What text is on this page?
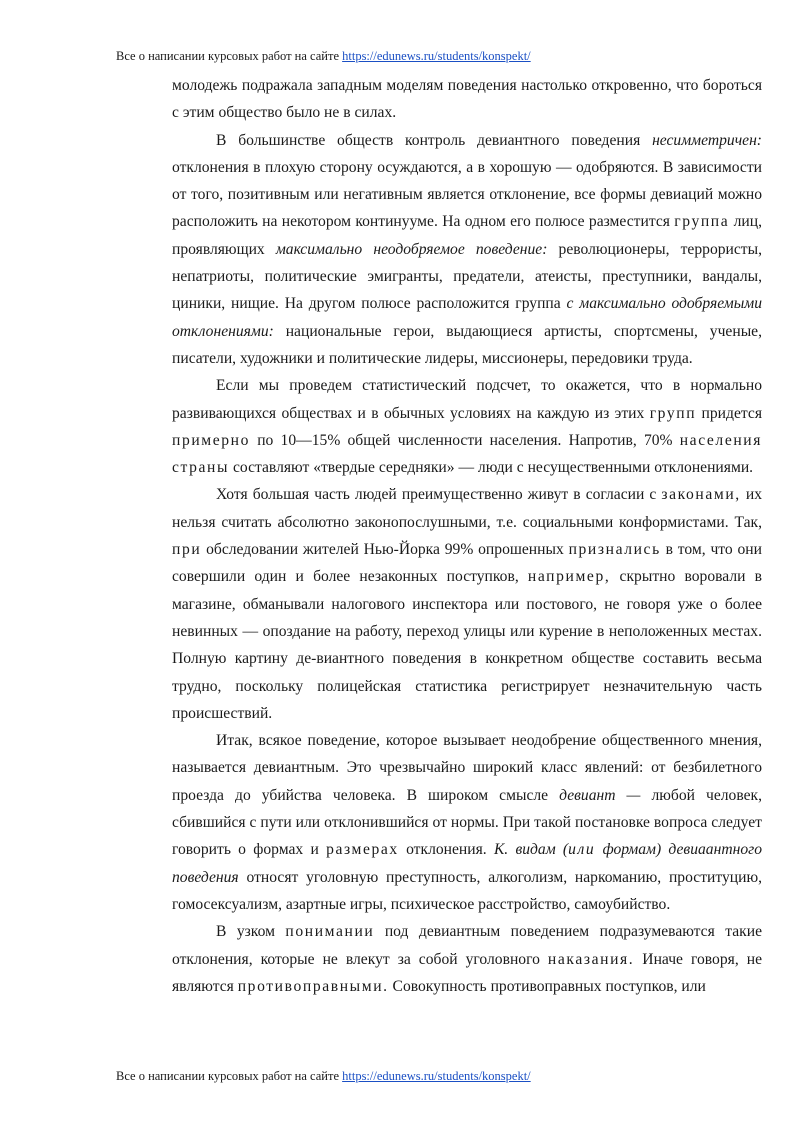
Все о написании курсовых работ на сайте https://edunews.ru/students/konspekt/

молодежь подражала западным моделям поведения настолько откровенно, что бороться с этим общество было не в силах.

В большинстве обществ контроль девиантного поведения несимметричен: отклонения в плохую сторону осуждаются, а в хорошую — одобряются. В зависимости от того, позитивным или негативным является отклонение, все формы девиаций можно расположить на некотором континууме. На одном его полюсе разместится группа лиц, проявляющих максимально неодобряемое поведение: революционеры, террористы, непатриоты, политические эмигранты, предатели, атеисты, преступники, вандалы, циники, нищие. На другом полюсе расположится группа с максимально одобряемыми отклонениями: национальные герои, выдающиеся артисты, спортсмены, ученые, писатели, художники и политические лидеры, миссионеры, передовики труда.

Если мы проведем статистический подсчет, то окажется, что в нормально развивающихся обществах и в обычных условиях на каждую из этих групп придется примерно по 10—15% общей численности населения. Напротив, 70% населения страны составляют «твердые середняки» — люди с несущественными отклонениями.

Хотя большая часть людей преимущественно живут в согласии с законами, их нельзя считать абсолютно законопослушными, т.е. социальными конформистами. Так, при обследовании жителей Нью-Йорка 99% опрошенных признались в том, что они совершили один и более незаконных поступков, например, скрытно воровали в магазине, обманывали налогового инспектора или постового, не говоря уже о более невинных — опоздание на работу, переход улицы или курение в неположенных местах. Полную картину де-виантного поведения в конкретном обществе составить весьма трудно, поскольку полицейская статистика регистрирует незначительную часть происшествий.

Итак, всякое поведение, которое вызывает неодобрение общественного мнения, называется девиантным. Это чрезвычайно широкий класс явлений: от безбилетного проезда до убийства человека. В широком смысле девиант — любой человек, сбившийся с пути или отклонившийся от нормы. При такой постановке вопроса следует говорить о формах и размерах отклонения. К. видам (или формам) девиаантного поведения относят уголовную преступность, алкоголизм, наркоманию, проституцию, гомосексуализм, азартные игры, психическое расстройство, самоубийство.

В узком понимании под девиантным поведением подразумеваются такие отклонения, которые не влекут за собой уголовного наказания. Иначе говоря, не являются противоправными. Совокупность противоправных поступков, или

Все о написании курсовых работ на сайте https://edunews.ru/students/konspekt/
